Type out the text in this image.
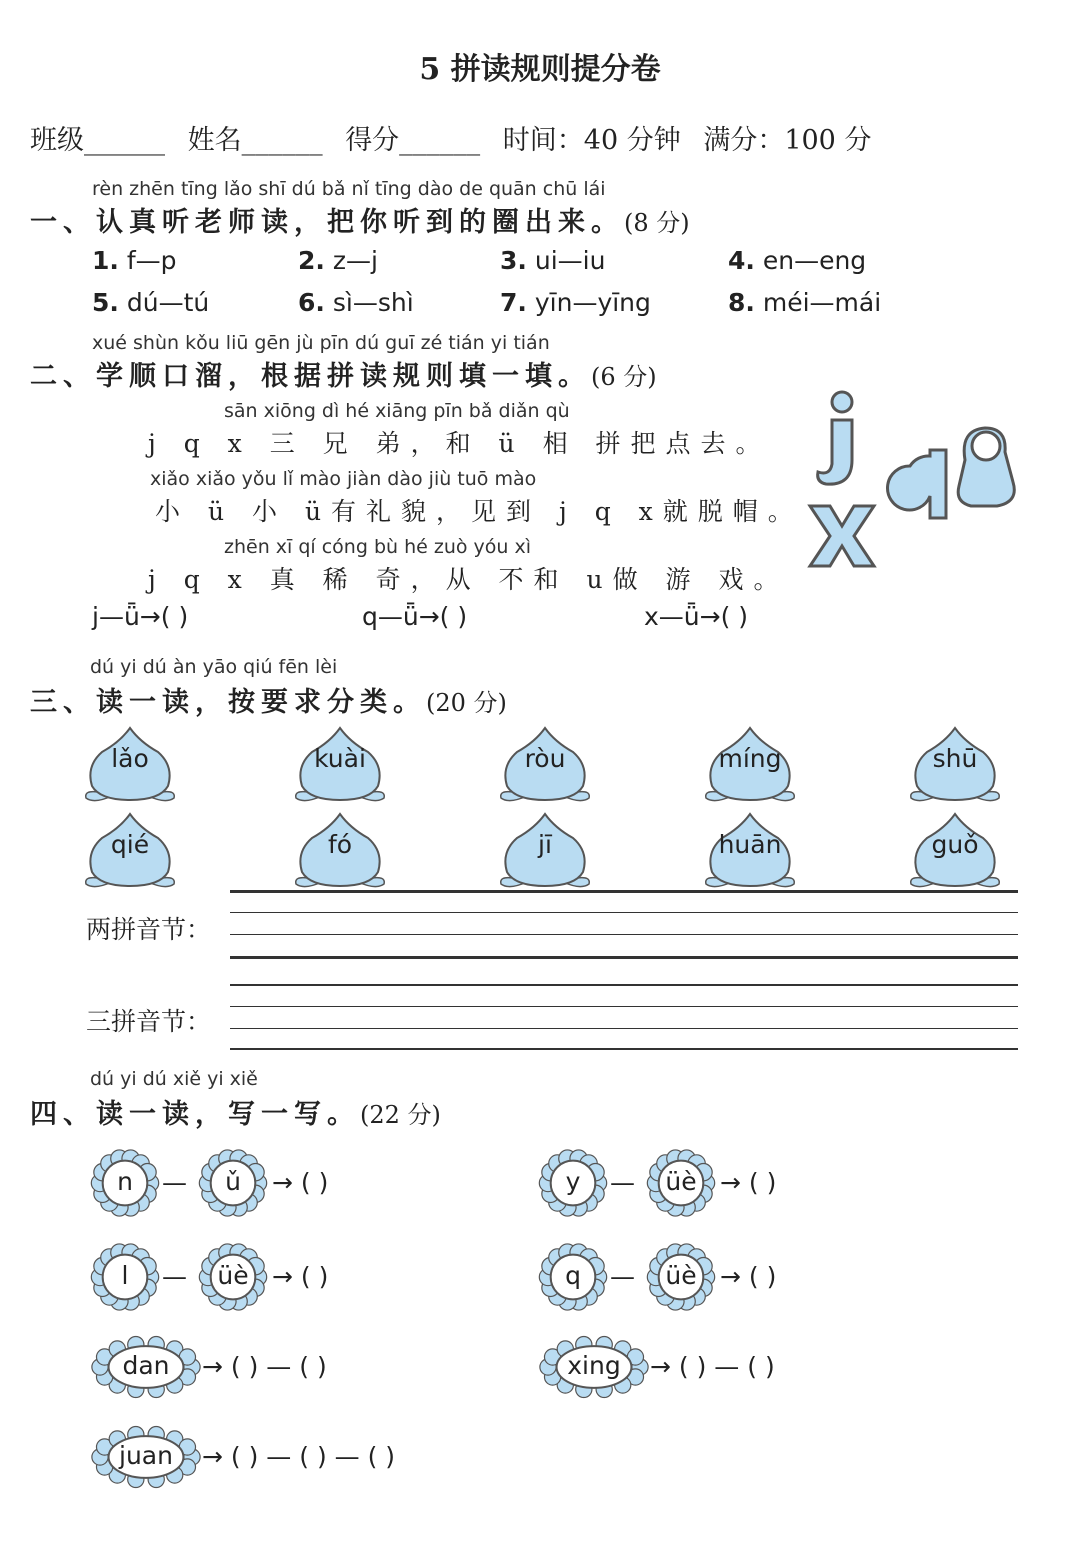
5 拼读规则提分卷
班级______ 姓名______ 得分______ 时间：40 分钟 满分：100 分
rèn zhēn tīng lǎo shī dú bǎ nǐ tīng dào de quān chū lái
一、认真听老师读，把你听到的圈出来。(8 分)
1. f—p	2. z—j	3. ui—iu	4. en—eng
5. dú—tú	6. sì—shì	7. yīn—yīng	8. méi—mái
xué shùn kǒu liū gēn jù pīn dú guī zé tián yi tián
二、学顺口溜，根据拼读规则填一填。(6 分)
sān xiōng dì hé xiāng pīn bǎ diǎn qù
j q x 三 兄 弟，和 ü 相 拼把点去。
xiǎo xiǎo yǒu lǐ mào jiàn dào jiù tuō mào
小 ü 小 ü有礼貌，见到 j q x就脱帽。
zhēn xī qí cóng bù hé zuò yóu xì
j q x 真 稀 奇，从 不和 u做 游 戏。
j—ǖ→( )	q—ǖ→( )	x—ǖ→( )
dú yi dú àn yāo qiú fēn lèi
三、读一读，按要求分类。(20 分)
lǎo	kuài	ròu	míng	shū
qié	fó	jī	huān	guǒ
两拼音节：
三拼音节：
dú yi dú xiě yi xiě
四、读一读，写一写。(22 分)
n	—	ǔ	→ ( )	y	—	üè → ( )
l	—	üè → ( )	q	—	üè → ( )
dan	→ ( ) — ( )	xing	→ ( ) — ( )
juan	→ ( ) — ( ) — ( )
